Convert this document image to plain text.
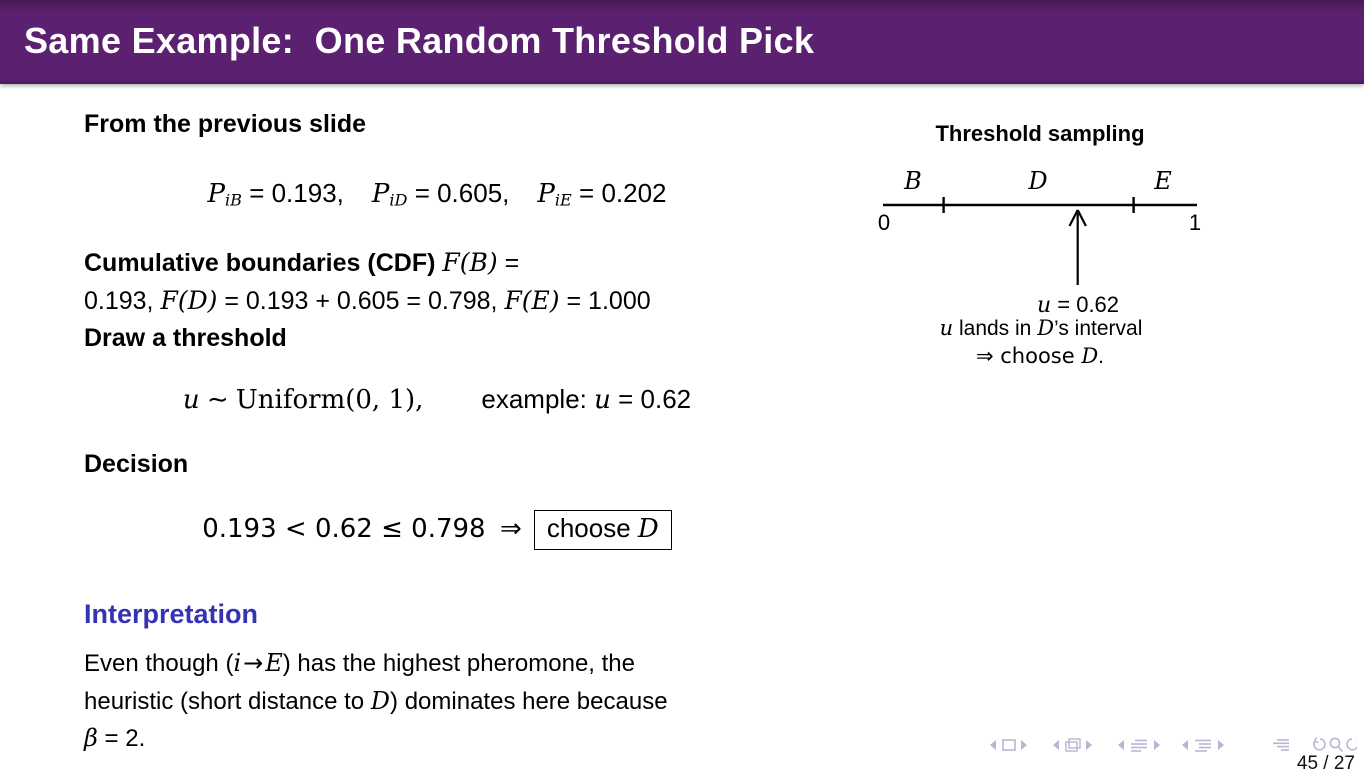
Same Example:  One Random Threshold Pick
From the previous slide
PiB = 0.193, PiD = 0.605, PiE = 0.202
Cumulative boundaries (CDF) F(B) =
0.193, F(D) = 0.193 + 0.605 = 0.798, F(E) = 1.000
Draw a threshold
u ∼ Uniform(0, 1), example: u = 0.62
Decision
0.193 < 0.62 ≤ 0.798 ⇒ choose D
Interpretation
Even though (i→E) has the highest pheromone, the
heuristic (short distance to D) dominates here because
β = 2.
Threshold sampling
B	D	E
0	1
u = 0.62
u lands in D’s interval
⇒ choose D.
45 / 27
